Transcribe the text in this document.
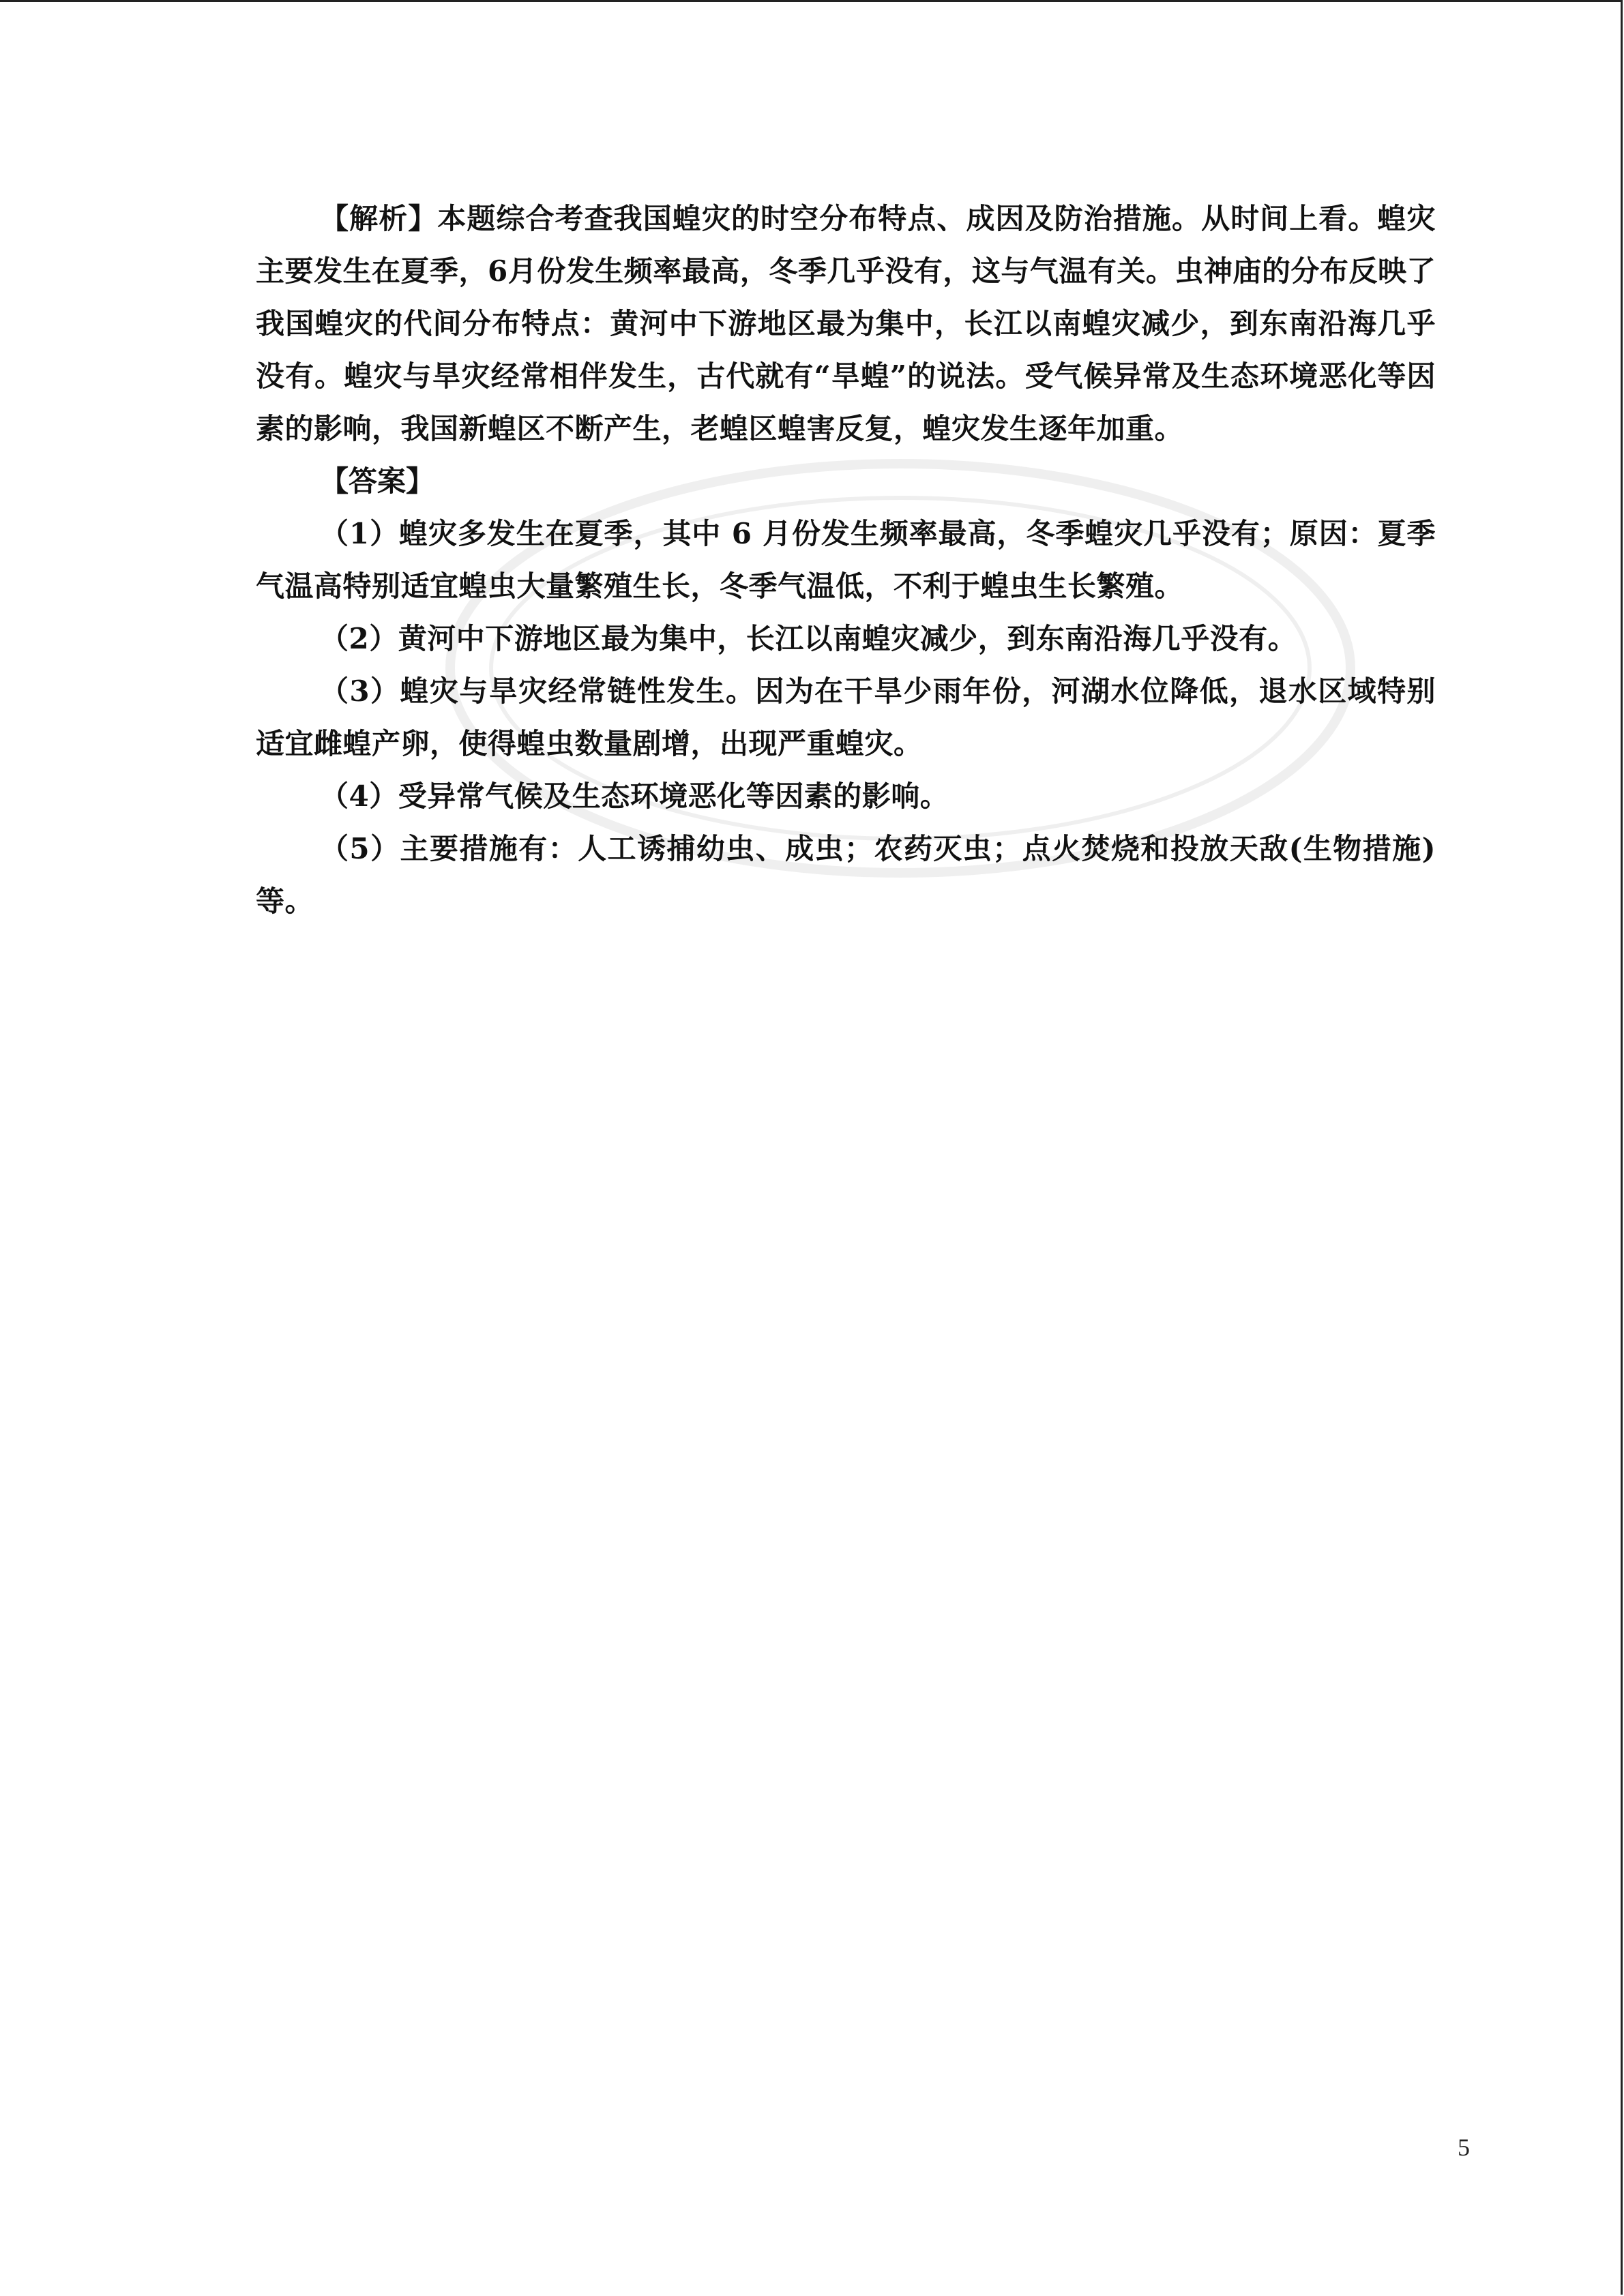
【解析】本题综合考查我国蝗灾的时空分布特点、成因及防治措施。从时间上看。蝗灾主要发生在夏季，6月份发生频率最高，冬季几乎没有，这与气温有关。虫神庙的分布反映了我国蝗灾的代间分布特点：黄河中下游地区最为集中，长江以南蝗灾减少，到东南沿海几乎没有。蝗灾与旱灾经常相伴发生，古代就有“旱蝗”的说法。受气候异常及生态环境恶化等因素的影响，我国新蝗区不断产生，老蝗区蝗害反复，蝗灾发生逐年加重。

【答案】

（1）蝗灾多发生在夏季，其中 6 月份发生频率最高，冬季蝗灾几乎没有；原因：夏季气温高特别适宜蝗虫大量繁殖生长，冬季气温低，不利于蝗虫生长繁殖。

（2）黄河中下游地区最为集中，长江以南蝗灾减少，到东南沿海几乎没有。

（3）蝗灾与旱灾经常链性发生。因为在干旱少雨年份，河湖水位降低，退水区域特别适宜雌蝗产卵，使得蝗虫数量剧增，出现严重蝗灾。

（4）受异常气候及生态环境恶化等因素的影响。

（5）主要措施有：人工诱捕幼虫、成虫；农药灭虫；点火焚烧和投放天敌(生物措施)等。

5
